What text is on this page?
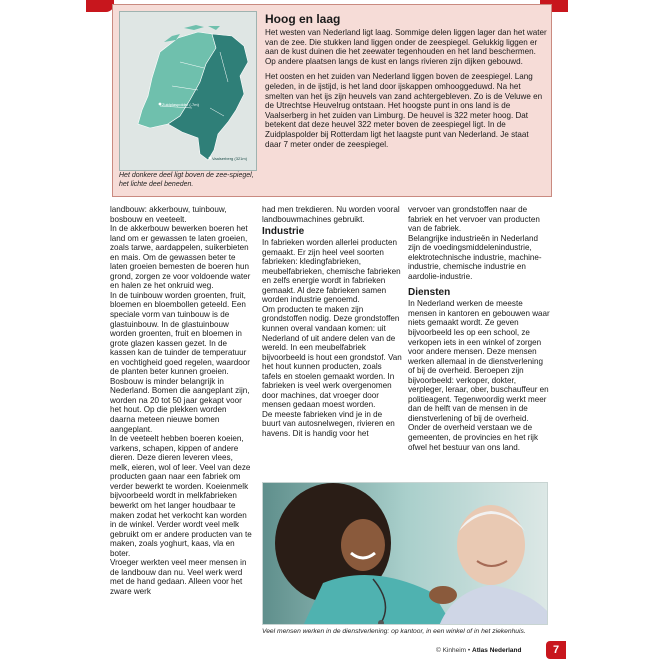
Zuidplaspolder (-7m)
Vaalserberg (321m)
Het donkere deel ligt boven de zee-spiegel, het lichte deel beneden.
Hoog en laag

Het westen van Nederland ligt laag. Sommige delen liggen lager dan het water van de zee. Die stukken land liggen onder de zeespiegel. Gelukkig liggen er aan de kust duinen die het zeewater tegenhouden en het land beschermen. Op andere plaatsen langs de kust en langs rivieren zijn dijken gebouwd.

Het oosten en het zuiden van Nederland liggen boven de zeespiegel. Lang geleden, in de ijstijd, is het land door ijskappen omhooggeduwd. Na het smelten van het ijs zijn heuvels van zand achtergebleven. Zo is de Veluwe en de Utrechtse Heuvelrug ontstaan. Het hoogste punt in ons land is de Vaalserberg in het zuiden van Limburg. De heuvel is 322 meter hoog. Dat betekent dat deze heuvel 322 meter boven de zeespiegel ligt. In de Zuidplaspolder bij Rotterdam ligt het laagste punt van Nederland. Je staat daar 7 meter onder de zeespiegel.

landbouw: akkerbouw, tuinbouw, bosbouw en veeteelt.

In de akkerbouw bewerken boeren het land om er gewassen te laten groeien, zoals tarwe, aardappelen, suikerbieten en mais. Om de gewassen beter te laten groeien bemesten de boeren hun grond, zorgen ze voor voldoende water en halen ze het onkruid weg.

In de tuinbouw worden groenten, fruit, bloemen en bloembollen geteeld. Een speciale vorm van tuinbouw is de glastuinbouw. In de glastuinbouw worden groenten, fruit en bloemen in grote glazen kassen gezet. In de kassen kan de tuinder de temperatuur en vochtigheid goed regelen, waardoor de planten beter kunnen groeien.

Bosbouw is minder belangrijk in Nederland. Bomen die aangeplant zijn, worden na 20 tot 50 jaar gekapt voor het hout. Op die plekken worden daarna meteen nieuwe bomen aangeplant.

In de veeteelt hebben boeren koeien, varkens, schapen, kippen of andere dieren. Deze dieren leveren vlees, melk, eieren, wol of leer. Veel van deze producten gaan naar een fabriek om verder bewerkt te worden. Koeienmelk bijvoorbeeld wordt in melkfabrieken bewerkt om het langer houdbaar te maken zodat het verkocht kan worden in de winkel. Verder wordt veel melk gebruikt om er andere producten van te maken, zoals yoghurt, kaas, vla en boter.

Vroeger werkten veel meer mensen in de landbouw dan nu. Veel werk werd met de hand gedaan. Alleen voor het zware werk

had men trekdieren. Nu worden vooral landbouwmachines gebruikt.

Industrie

In fabrieken worden allerlei producten gemaakt. Er zijn heel veel soorten fabrieken: kledingfabrieken, meubelfabrieken, chemische fabrieken en zelfs energie wordt in fabrieken gemaakt. Al deze fabrieken samen worden industrie genoemd.

Om producten te maken zijn grondstoffen nodig. Deze grondstoffen kunnen overal vandaan komen: uit Nederland of uit andere delen van de wereld. In een meubelfabriek bijvoorbeeld is hout een grondstof. Van het hout kunnen producten, zoals tafels en stoelen gemaakt worden. In fabrieken is veel werk overgenomen door machines, dat vroeger door mensen gedaan moest worden.

De meeste fabrieken vind je in de buurt van autosnelwegen, rivieren en havens. Dit is handig voor het

vervoer van grondstoffen naar de fabriek en het vervoer van producten van de fabriek.

Belangrijke industrieën in Nederland zijn de voedingsmiddelenindustrie, elektrotechnische industrie, machine-industrie, chemische industrie en aardolie-industrie.

Diensten

In Nederland werken de meeste mensen in kantoren en gebouwen waar niets gemaakt wordt. Ze geven bijvoorbeeld les op een school, ze verkopen iets in een winkel of zorgen voor andere mensen. Deze mensen werken allemaal in de dienstverlening of bij de overheid. Beroepen zijn bijvoorbeeld: verkoper, dokter, verpleger, leraar, ober, buschauffeur en politieagent. Tegenwoordig werkt meer dan de helft van de mensen in de dienstverlening of bij de overheid. Onder de overheid verstaan we de gemeenten, de provincies en het rijk ofwel het bestuur van ons land.

Veel mensen werken in de dienstverlening: op kantoor, in een winkel of in het ziekenhuis.
© Kinheim • Atlas Nederland	7
